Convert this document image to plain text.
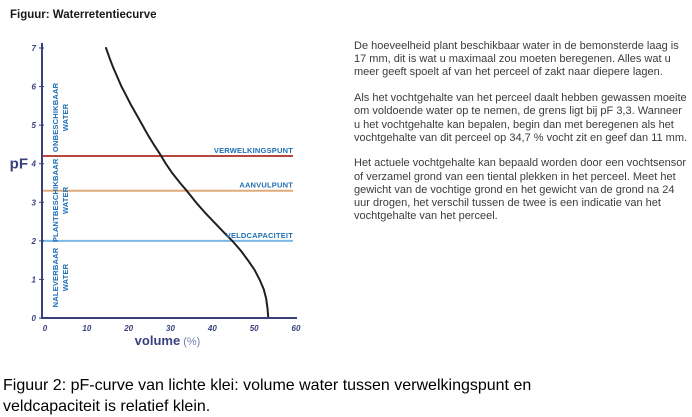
Figuur: Waterretentiecurve
0
1
2
3
4
5
6
7
0	10	20	30	40	50	60
pF
VERWELKINGSPUNT
AANVULPUNT
VELDCAPACITEIT
ONBESCHIKBAAR WATER
PLANTBESCHIKBAAR WATER
NALEVERBAAR WATER
volume (%)

De hoeveelheid plant beschikbaar water in de bemonsterde laag is 17 mm, dit is wat u maximaal zou moeten beregenen. Alles wat u meer geeft spoelt af van het perceel of zakt naar diepere lagen.

Als het vochtgehalte van het perceel daalt hebben gewassen moeite om voldoende water op te nemen, de grens ligt bij pF 3,3. Wanneer u het vochtgehalte kan bepalen, begin dan met beregenen als het vochtgehalte van dit perceel op 34,7 % vocht zit en geef dan 11 mm.

Het actuele vochtgehalte kan bepaald worden door een vochtsensor of verzamel grond van een tiental plekken in het perceel. Meet het gewicht van de vochtige grond en het gewicht van de grond na 24 uur drogen, het verschil tussen de twee is een indicatie van het vochtgehalte van het perceel.

Figuur 2: pF-curve van lichte klei: volume water tussen verwelkingspunt en veldcapaciteit is relatief klein.
